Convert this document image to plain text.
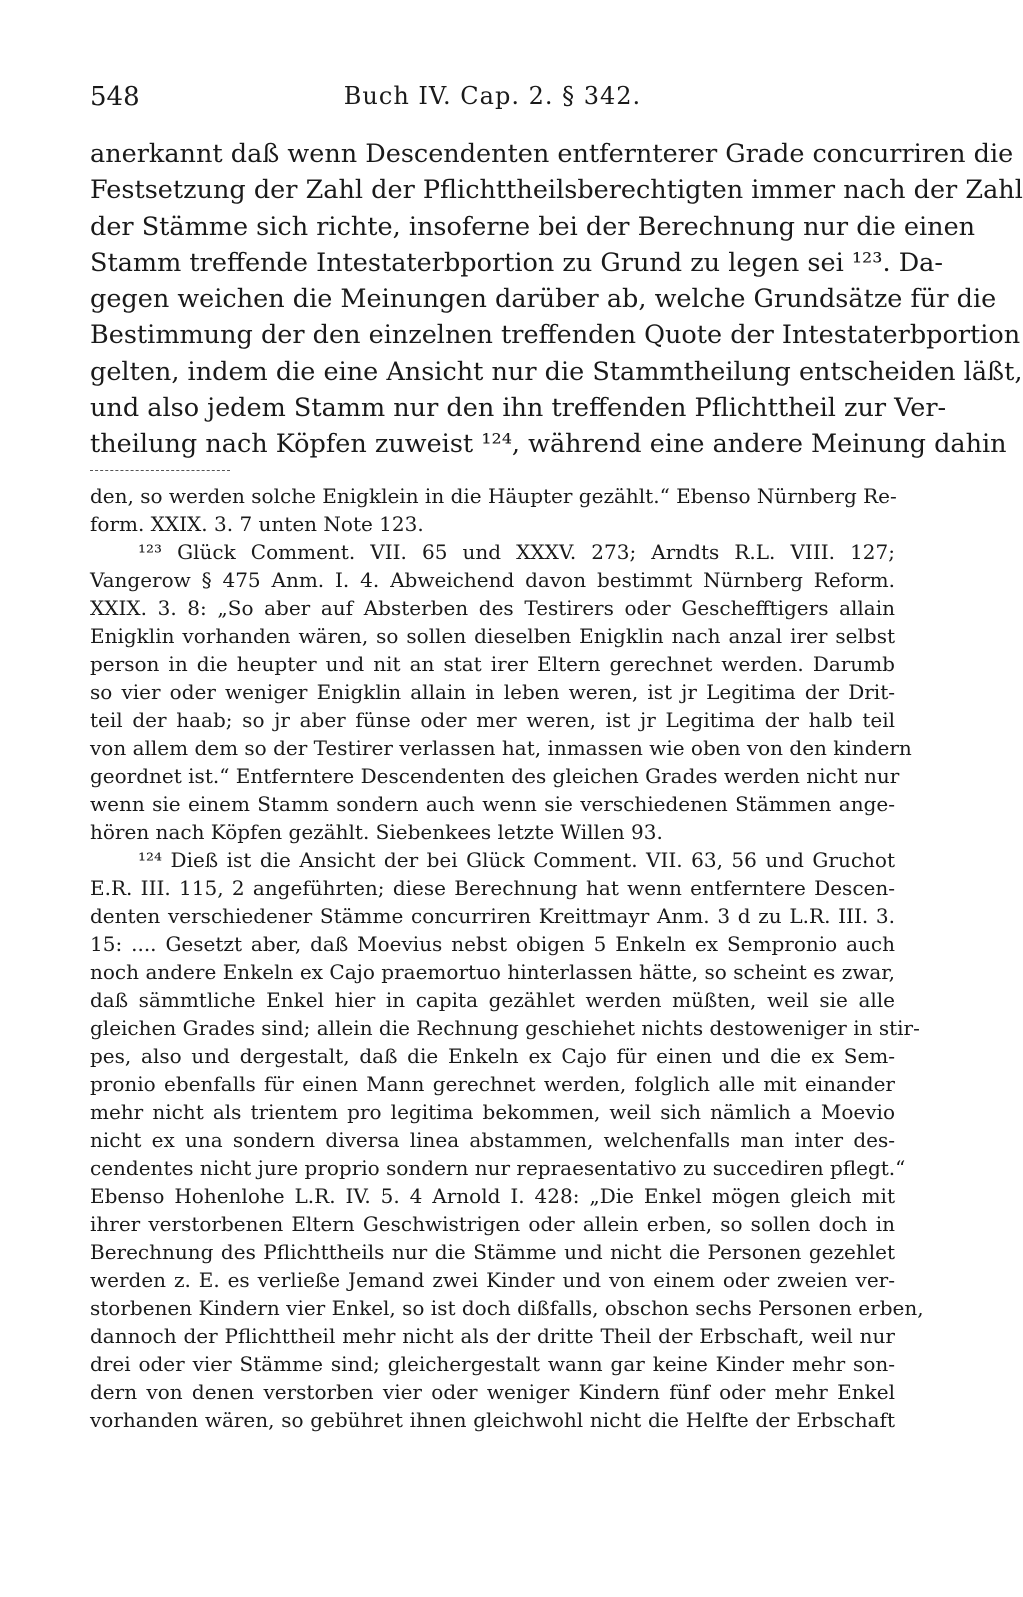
548	Buch IV. Cap. 2. § 342.
anerkannt daß wenn Descendenten entfernterer Grade concurriren die
Festsetzung der Zahl der Pflichttheilsberechtigten immer nach der Zahl
der Stämme sich richte, insoferne bei der Berechnung nur die einen
Stamm treffende Intestaterbportion zu Grund zu legen sei ¹²³. Da-
gegen weichen die Meinungen darüber ab, welche Grundsätze für die
Bestimmung der den einzelnen treffenden Quote der Intestaterbportion
gelten, indem die eine Ansicht nur die Stammtheilung entscheiden läßt,
und also jedem Stamm nur den ihn treffenden Pflichttheil zur Ver-
theilung nach Köpfen zuweist ¹²⁴, während eine andere Meinung dahin
den, so werden solche Enigklein in die Häupter gezählt.“ Ebenso Nürnberg Re-
form. XXIX. 3. 7 unten Note 123.
¹²³ Glück Comment. VII. 65 und XXXV. 273; Arndts R.L. VIII. 127;
Vangerow § 475 Anm. I. 4. Abweichend davon bestimmt Nürnberg Reform.
XXIX. 3. 8: „So aber auf Absterben des Testirers oder Geschefftigers allain
Enigklin vorhanden wären, so sollen dieselben Enigklin nach anzal irer selbst
person in die heupter und nit an stat irer Eltern gerechnet werden. Darumb
so vier oder weniger Enigklin allain in leben weren, ist jr Legitima der Drit-
teil der haab; so jr aber fünse oder mer weren, ist jr Legitima der halb teil
von allem dem so der Testirer verlassen hat, inmassen wie oben von den kindern
geordnet ist.“ Entferntere Descendenten des gleichen Grades werden nicht nur
wenn sie einem Stamm sondern auch wenn sie verschiedenen Stämmen ange-
hören nach Köpfen gezählt. Siebenkees letzte Willen 93.
¹²⁴ Dieß ist die Ansicht der bei Glück Comment. VII. 63, 56 und Gruchot
E.R. III. 115, 2 angeführten; diese Berechnung hat wenn entferntere Descen-
denten verschiedener Stämme concurriren Kreittmayr Anm. 3 d zu L.R. III. 3.
15: .... Gesetzt aber, daß Moevius nebst obigen 5 Enkeln ex Sempronio auch
noch andere Enkeln ex Cajo praemortuo hinterlassen hätte, so scheint es zwar,
daß sämmtliche Enkel hier in capita gezählet werden müßten, weil sie alle
gleichen Grades sind; allein die Rechnung geschiehet nichts destoweniger in stir-
pes, also und dergestalt, daß die Enkeln ex Cajo für einen und die ex Sem-
pronio ebenfalls für einen Mann gerechnet werden, folglich alle mit einander
mehr nicht als trientem pro legitima bekommen, weil sich nämlich a Moevio
nicht ex una sondern diversa linea abstammen, welchenfalls man inter des-
cendentes nicht jure proprio sondern nur repraesentativo zu succediren pflegt.“
Ebenso Hohenlohe L.R. IV. 5. 4 Arnold I. 428: „Die Enkel mögen gleich mit
ihrer verstorbenen Eltern Geschwistrigen oder allein erben, so sollen doch in
Berechnung des Pflichttheils nur die Stämme und nicht die Personen gezehlet
werden z. E. es verließe Jemand zwei Kinder und von einem oder zweien ver-
storbenen Kindern vier Enkel, so ist doch dißfalls, obschon sechs Personen erben,
dannoch der Pflichttheil mehr nicht als der dritte Theil der Erbschaft, weil nur
drei oder vier Stämme sind; gleichergestalt wann gar keine Kinder mehr son-
dern von denen verstorben vier oder weniger Kindern fünf oder mehr Enkel
vorhanden wären, so gebühret ihnen gleichwohl nicht die Helfte der Erbschaft
